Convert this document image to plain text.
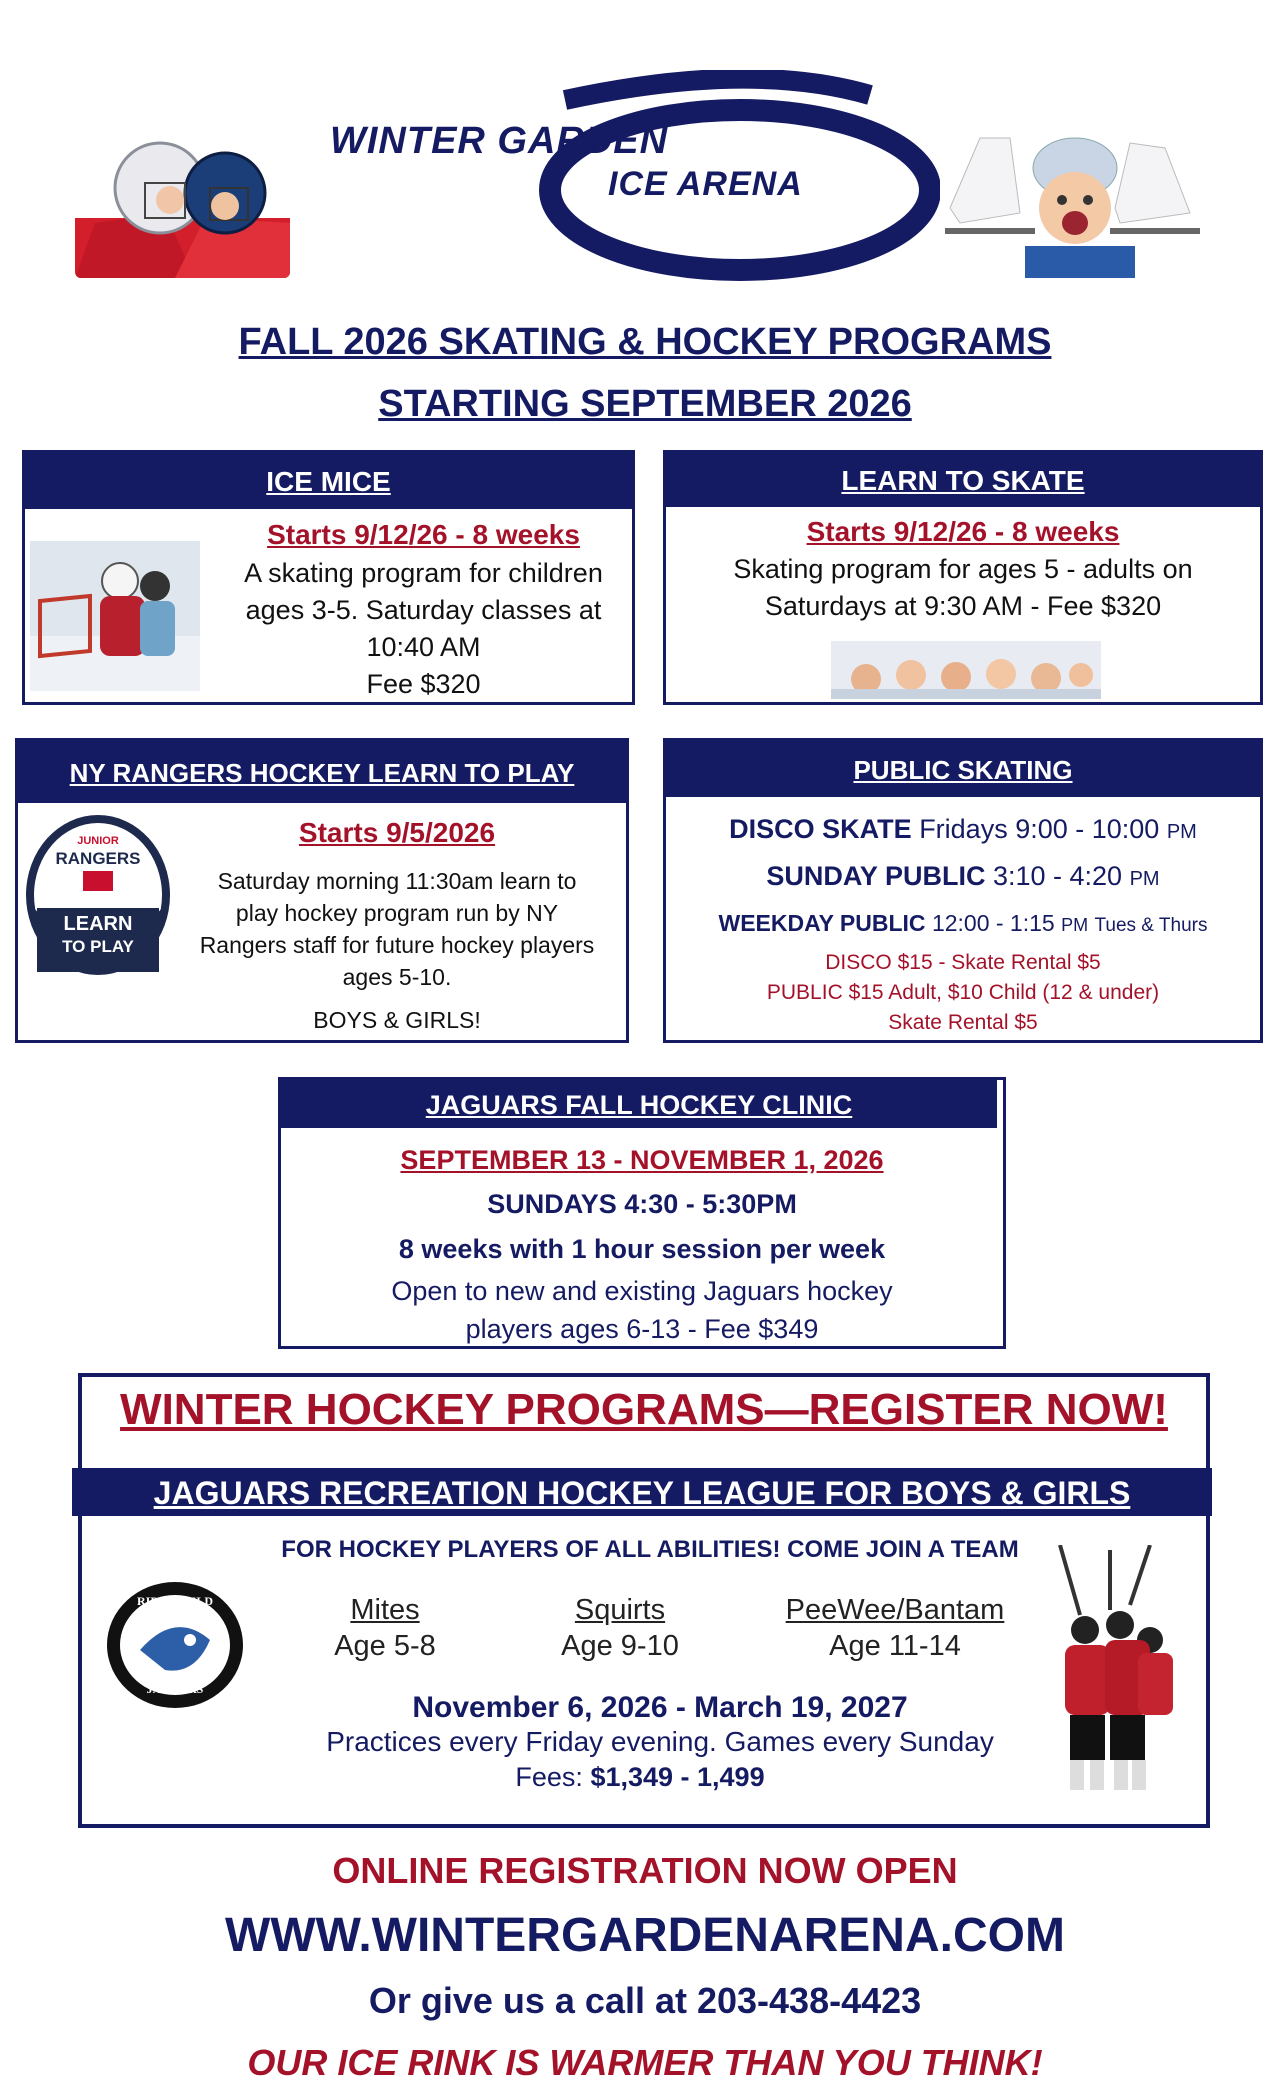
WINTER GARDEN
ICE ARENA
FALL 2026 SKATING & HOCKEY PROGRAMS
STARTING SEPTEMBER 2026
ICE MICE
Starts 9/12/26 - 8 weeks
A skating program for children
ages 3-5. Saturday classes at
10:40 AM
Fee $320
LEARN TO SKATE
Starts 9/12/26 - 8 weeks
Skating program for ages 5 - adults on
Saturdays at 9:30 AM - Fee $320
NY RANGERS HOCKEY LEARN TO PLAY
JUNIOR
RANGERS
LEARN
TO PLAY
Starts 9/5/2026
Saturday morning 11:30am learn to
play hockey program run by NY
Rangers staff for future hockey players
ages 5-10.
BOYS & GIRLS!
PUBLIC SKATING
DISCO SKATE Fridays 9:00 - 10:00 PM
SUNDAY PUBLIC 3:10 - 4:20 PM
WEEKDAY PUBLIC 12:00 - 1:15 PM Tues & Thurs
DISCO $15 - Skate Rental $5
PUBLIC $15 Adult, $10 Child (12 & under)
Skate Rental $5
JAGUARS FALL HOCKEY CLINIC
SEPTEMBER 13 - NOVEMBER 1, 2026
SUNDAYS 4:30 - 5:30PM
8 weeks with 1 hour session per week
Open to new and existing Jaguars hockey
players ages 6-13 - Fee $349
WINTER HOCKEY PROGRAMS—REGISTER NOW!
JAGUARS RECREATION HOCKEY LEAGUE FOR BOYS & GIRLS
FOR HOCKEY PLAYERS OF ALL ABILITIES! COME JOIN A TEAM
RIDGEFIELD
JAGUARS
Mites
Age 5-8
Squirts
Age 9-10
PeeWee/Bantam
Age 11-14
November 6, 2026 - March 19, 2027
Practices every Friday evening. Games every Sunday
Fees: $1,349 - 1,499
ONLINE REGISTRATION NOW OPEN
WWW.WINTERGARDENARENA.COM
Or give us a call at 203-438-4423
OUR ICE RINK IS WARMER THAN YOU THINK!
